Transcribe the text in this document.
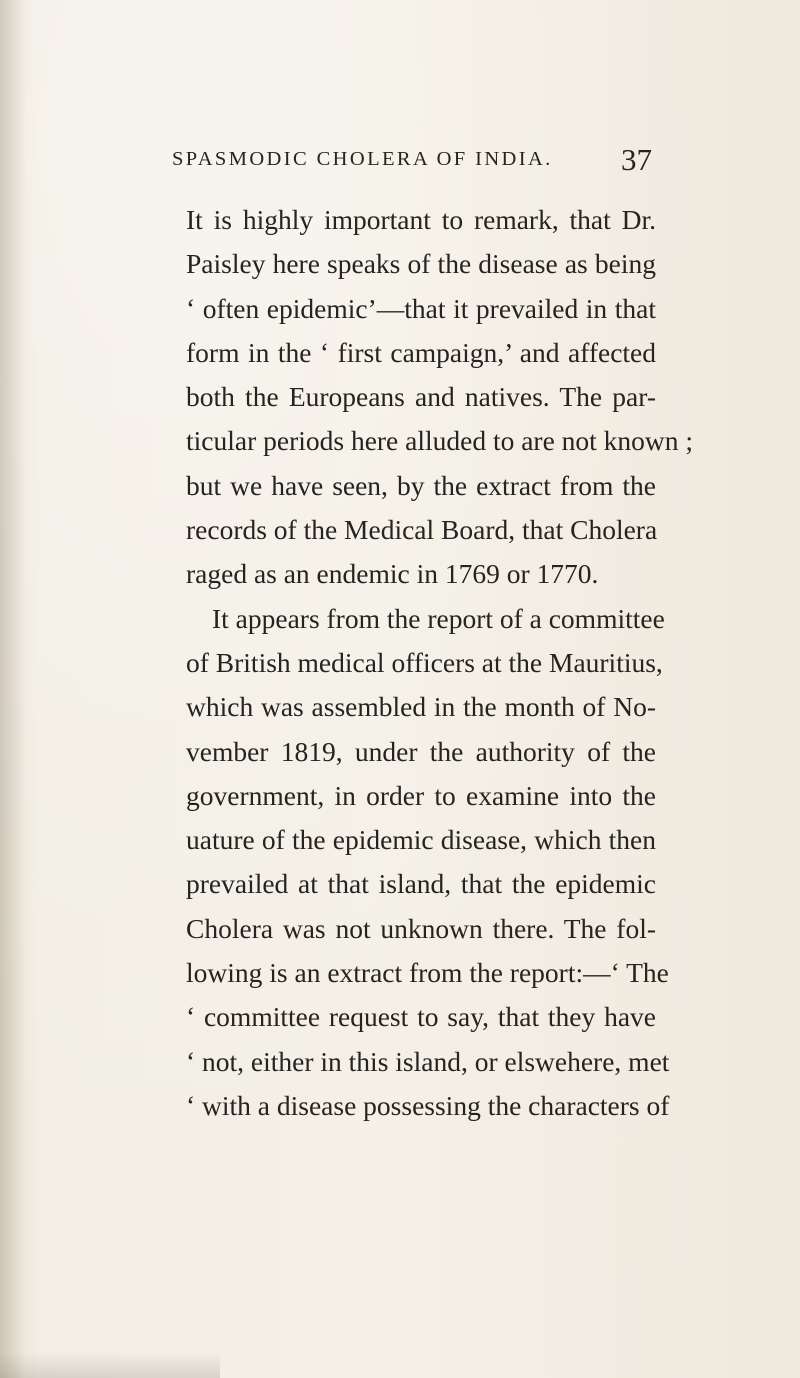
SPASMODIC CHOLERA OF INDIA. 37
It is highly important to remark, that Dr.
Paisley here speaks of the disease as being
‘ often epidemic’—that it prevailed in that
form in the ‘ first campaign,’ and affected
both the Europeans and natives. The par-
ticular periods here alluded to are not known ;
but we have seen, by the extract from the
records of the Medical Board, that Cholera
raged as an endemic in 1769 or 1770.
It appears from the report of a committee
of British medical officers at the Mauritius,
which was assembled in the month of No-
vember 1819, under the authority of the
government, in order to examine into the
uature of the epidemic disease, which then
prevailed at that island, that the epidemic
Cholera was not unknown there. The fol-
lowing is an extract from the report:—‘ The
‘ committee request to say, that they have
‘ not, either in this island, or elswehere, met
‘ with a disease possessing the characters of
